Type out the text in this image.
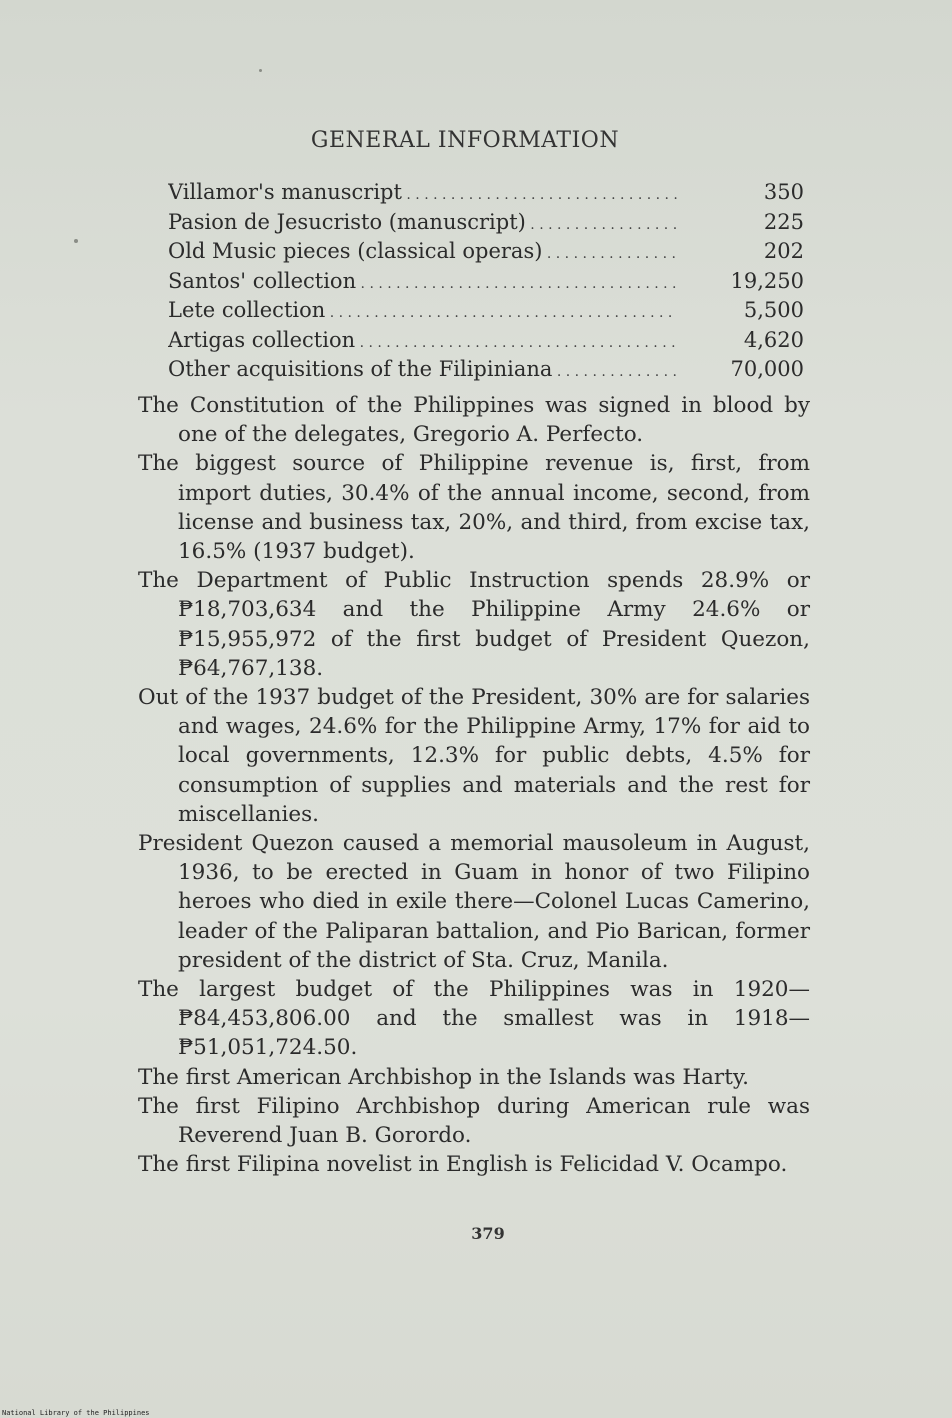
GENERAL INFORMATION
Villamor's manuscript . . .	350
Pasion de Jesucristo (manuscript) . . .	225
Old Music pieces (classical operas) . . .	202
Santos' collection . . .	19,250
Lete collection . . .	5,500
Artigas collection . . .	4,620
Other acquisitions of the Filipiniana . . .	70,000

The Constitution of the Philippines was signed in blood by one of the delegates, Gregorio A. Perfecto.

The biggest source of Philippine revenue is, first, from import duties, 30.4% of the annual income, second, from license and business tax, 20%, and third, from excise tax, 16.5% (1937 budget).

The Department of Public Instruction spends 28.9% or ₱18,703,634 and the Philippine Army 24.6% or ₱15,955,972 of the first budget of President Quezon, ₱64,767,138.

Out of the 1937 budget of the President, 30% are for salaries and wages, 24.6% for the Philippine Army, 17% for aid to local governments, 12.3% for public debts, 4.5% for consumption of supplies and materials and the rest for miscellanies.

President Quezon caused a memorial mausoleum in August, 1936, to be erected in Guam in honor of two Filipino heroes who died in exile there—Colonel Lucas Camerino, leader of the Paliparan battalion, and Pio Barican, former president of the district of Sta. Cruz, Manila.

The largest budget of the Philippines was in 1920—₱84,453,806.00 and the smallest was in 1918—₱51,051,724.50.

The first American Archbishop in the Islands was Harty.

The first Filipino Archbishop during American rule was Reverend Juan B. Gorordo.

The first Filipina novelist in English is Felicidad V. Ocampo.

379
National Library of the Philippines
